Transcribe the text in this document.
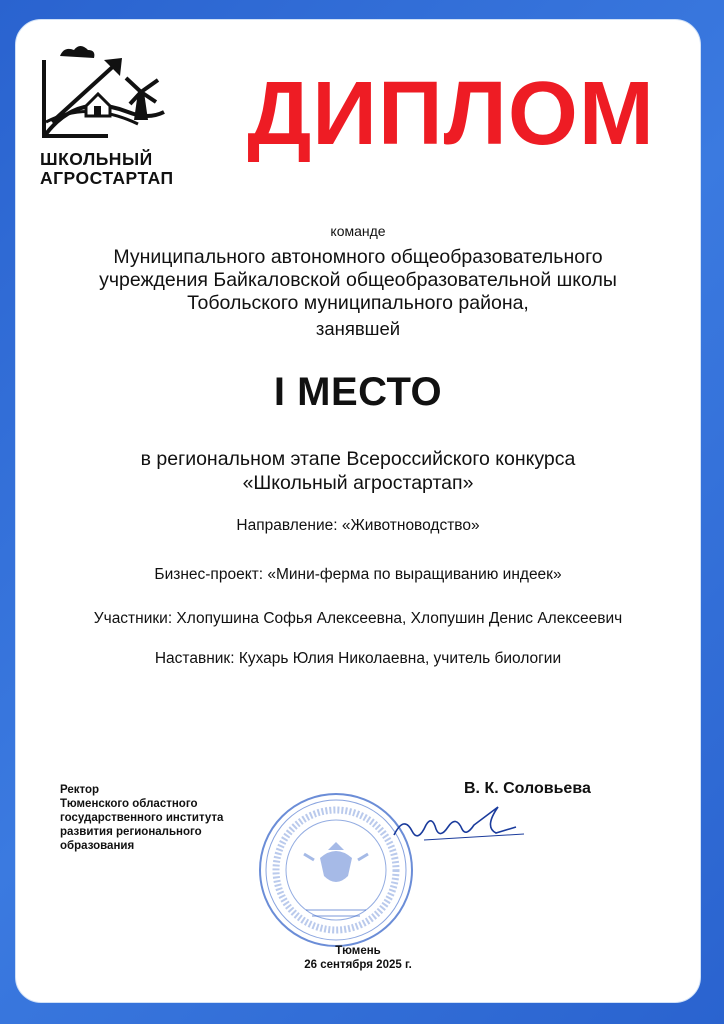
ШКОЛЬНЫЙ
АГРОСТАРТАП
ДИПЛОМ
команде
Муниципального автономного общеобразовательного
учреждения Байкаловской общеобразовательной школы
Тобольского муниципального района,
занявшей
I МЕСТО
в региональном этапе Всероссийского конкурса
«Школьный агростартап»
Направление: «Животноводство»
Бизнес-проект: «Мини-ферма по выращиванию индеек»
Участники: Хлопушина Софья Алексеевна, Хлопушин Денис Алексеевич
Наставник: Кухарь Юлия Николаевна, учитель биологии
Ректор
Тюменского областного
государственного института
развития регионального
образования
В. К. Соловьева
Тюмень
26 сентября 2025 г.
